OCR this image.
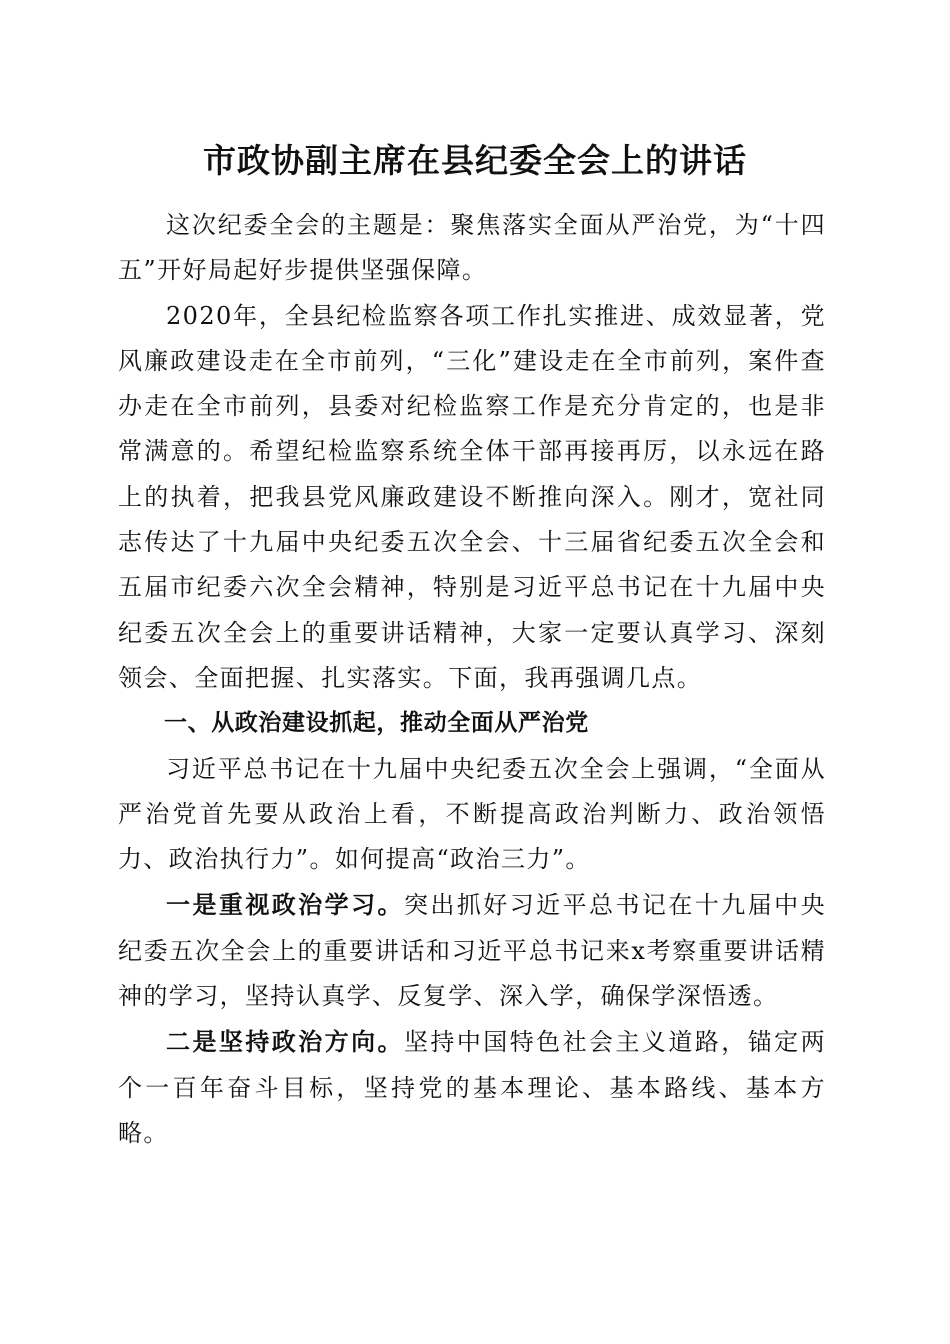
市政协副主席在县纪委全会上的讲话

这次纪委全会的主题是：聚焦落实全面从严治党，为“十四五”开好局起好步提供坚强保障。

2020年，全县纪检监察各项工作扎实推进、成效显著，党风廉政建设走在全市前列，“三化”建设走在全市前列，案件查办走在全市前列，县委对纪检监察工作是充分肯定的，也是非常满意的。希望纪检监察系统全体干部再接再厉，以永远在路上的执着，把我县党风廉政建设不断推向深入。刚才，宽社同志传达了十九届中央纪委五次全会、十三届省纪委五次全会和五届市纪委六次全会精神，特别是习近平总书记在十九届中央纪委五次全会上的重要讲话精神，大家一定要认真学习、深刻领会、全面把握、扎实落实。下面，我再强调几点。

一、从政治建设抓起，推动全面从严治党

习近平总书记在十九届中央纪委五次全会上强调，“全面从严治党首先要从政治上看，不断提高政治判断力、政治领悟力、政治执行力”。如何提高“政治三力”。

一是重视政治学习。突出抓好习近平总书记在十九届中央纪委五次全会上的重要讲话和习近平总书记来x考察重要讲话精神的学习，坚持认真学、反复学、深入学，确保学深悟透。

二是坚持政治方向。坚持中国特色社会主义道路，锚定两个一百年奋斗目标，坚持党的基本理论、基本路线、基本方略。
